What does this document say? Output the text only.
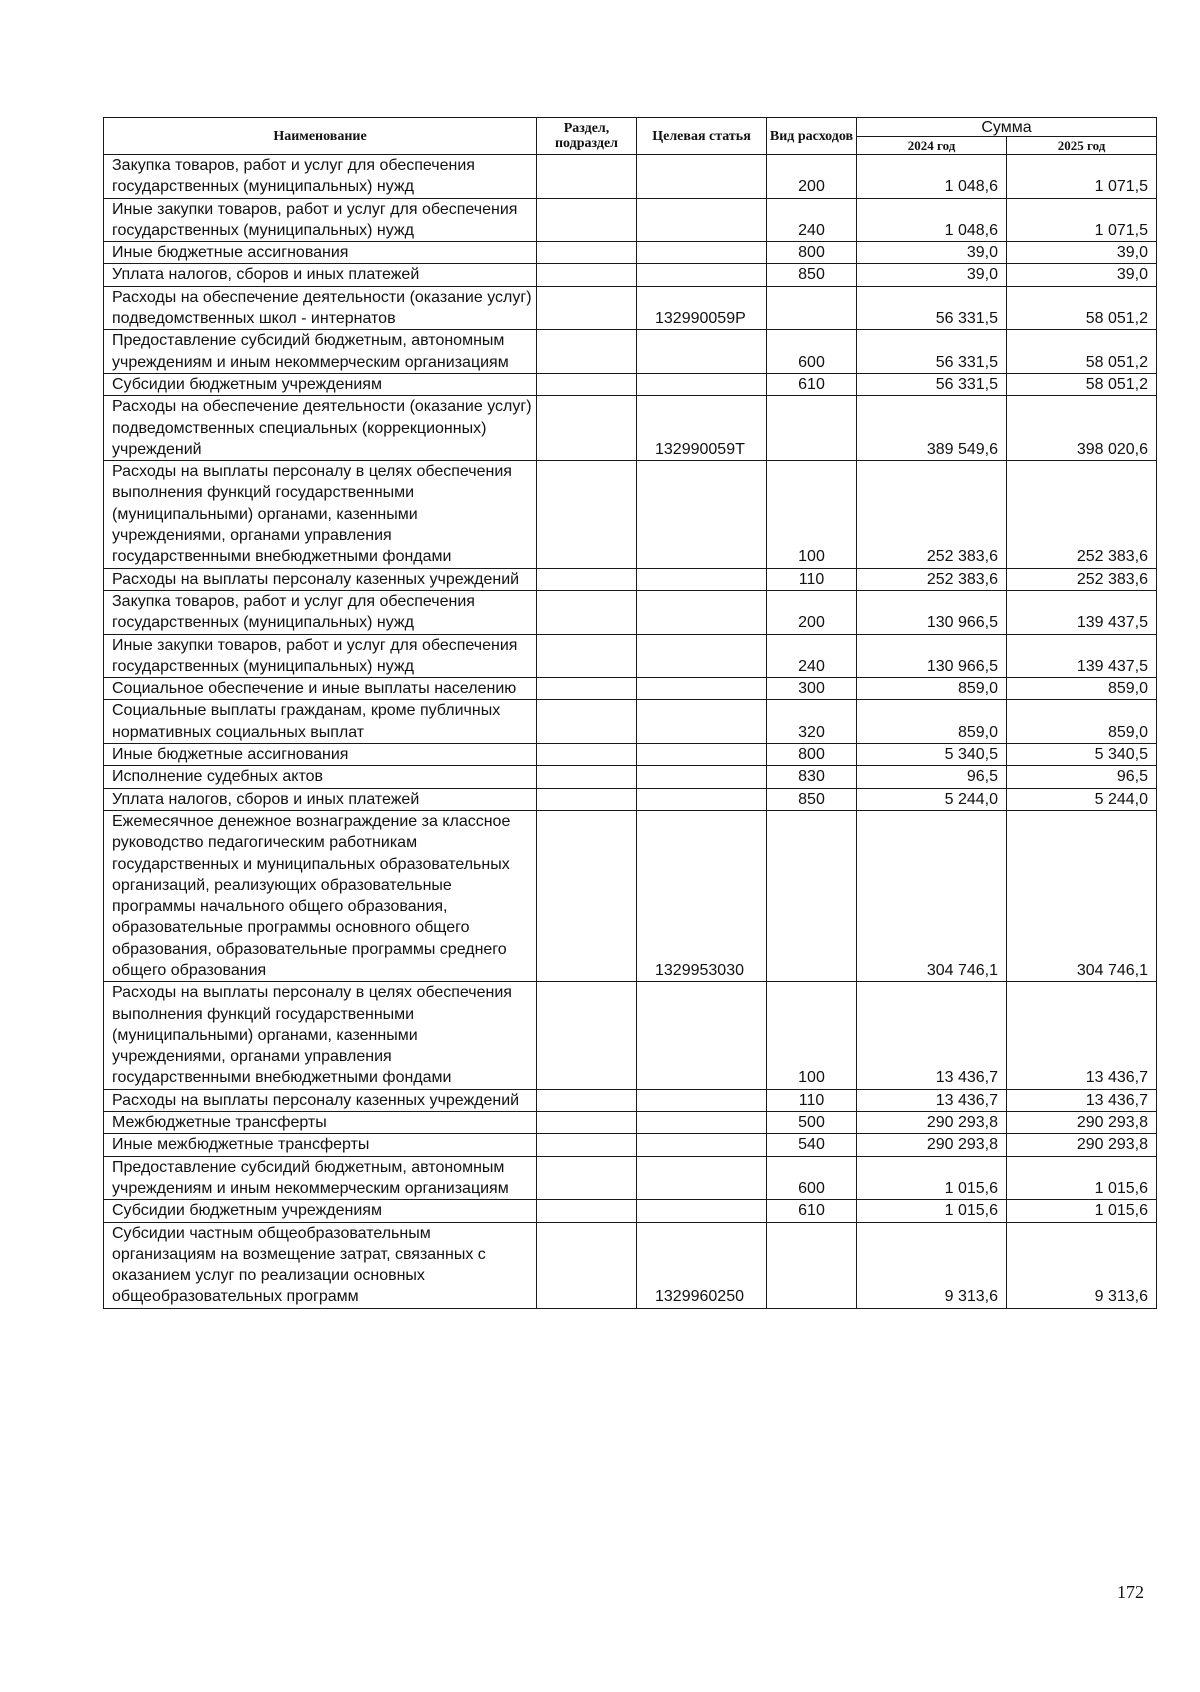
Наименование	Раздел, подраздел	Целевая статья	Вид расходов	Сумма	
				2024 год	2025 год
Закупка товаров, работ и услуг для обеспечения государственных (муниципальных) нужд			200	1 048,6	1 071,5
Иные закупки товаров, работ и услуг для обеспечения государственных (муниципальных) нужд			240	1 048,6	1 071,5
Иные бюджетные ассигнования			800	39,0	39,0
Уплата налогов, сборов и иных платежей			850	39,0	39,0
Расходы на обеспечение деятельности (оказание услуг) подведомственных школ - интернатов		132990059Р		56 331,5	58 051,2
Предоставление субсидий бюджетным, автономным учреждениям и иным некоммерческим организациям			600	56 331,5	58 051,2
Субсидии бюджетным учреждениям			610	56 331,5	58 051,2
Расходы на обеспечение деятельности (оказание услуг) подведомственных специальных (коррекционных) учреждений		132990059Т		389 549,6	398 020,6
Расходы на выплаты персоналу в целях обеспечения выполнения функций государственными (муниципальными) органами, казенными учреждениями, органами управления государственными внебюджетными фондами			100	252 383,6	252 383,6
Расходы на выплаты персоналу казенных учреждений			110	252 383,6	252 383,6
Закупка товаров, работ и услуг для обеспечения государственных (муниципальных) нужд			200	130 966,5	139 437,5
Иные закупки товаров, работ и услуг для обеспечения государственных (муниципальных) нужд			240	130 966,5	139 437,5
Социальное обеспечение и иные выплаты населению			300	859,0	859,0
Социальные выплаты гражданам, кроме публичных нормативных социальных выплат			320	859,0	859,0
Иные бюджетные ассигнования			800	5 340,5	5 340,5
Исполнение судебных актов			830	96,5	96,5
Уплата налогов, сборов и иных платежей			850	5 244,0	5 244,0
Ежемесячное денежное вознаграждение за классное руководство педагогическим работникам государственных и муниципальных образовательных организаций, реализующих образовательные программы начального общего образования, образовательные программы основного общего образования, образовательные программы среднего общего образования		1329953030		304 746,1	304 746,1
Расходы на выплаты персоналу в целях обеспечения выполнения функций государственными (муниципальными) органами, казенными учреждениями, органами управления государственными внебюджетными фондами			100	13 436,7	13 436,7
Расходы на выплаты персоналу казенных учреждений			110	13 436,7	13 436,7
Межбюджетные трансферты			500	290 293,8	290 293,8
Иные межбюджетные трансферты			540	290 293,8	290 293,8
Предоставление субсидий бюджетным, автономным учреждениям и иным некоммерческим организациям			600	1 015,6	1 015,6
Субсидии бюджетным учреждениям			610	1 015,6	1 015,6
Субсидии частным общеобразовательным организациям на возмещение затрат, связанных с оказанием услуг по реализации основных общеобразовательных программ		1329960250		9 313,6	9 313,6
172
